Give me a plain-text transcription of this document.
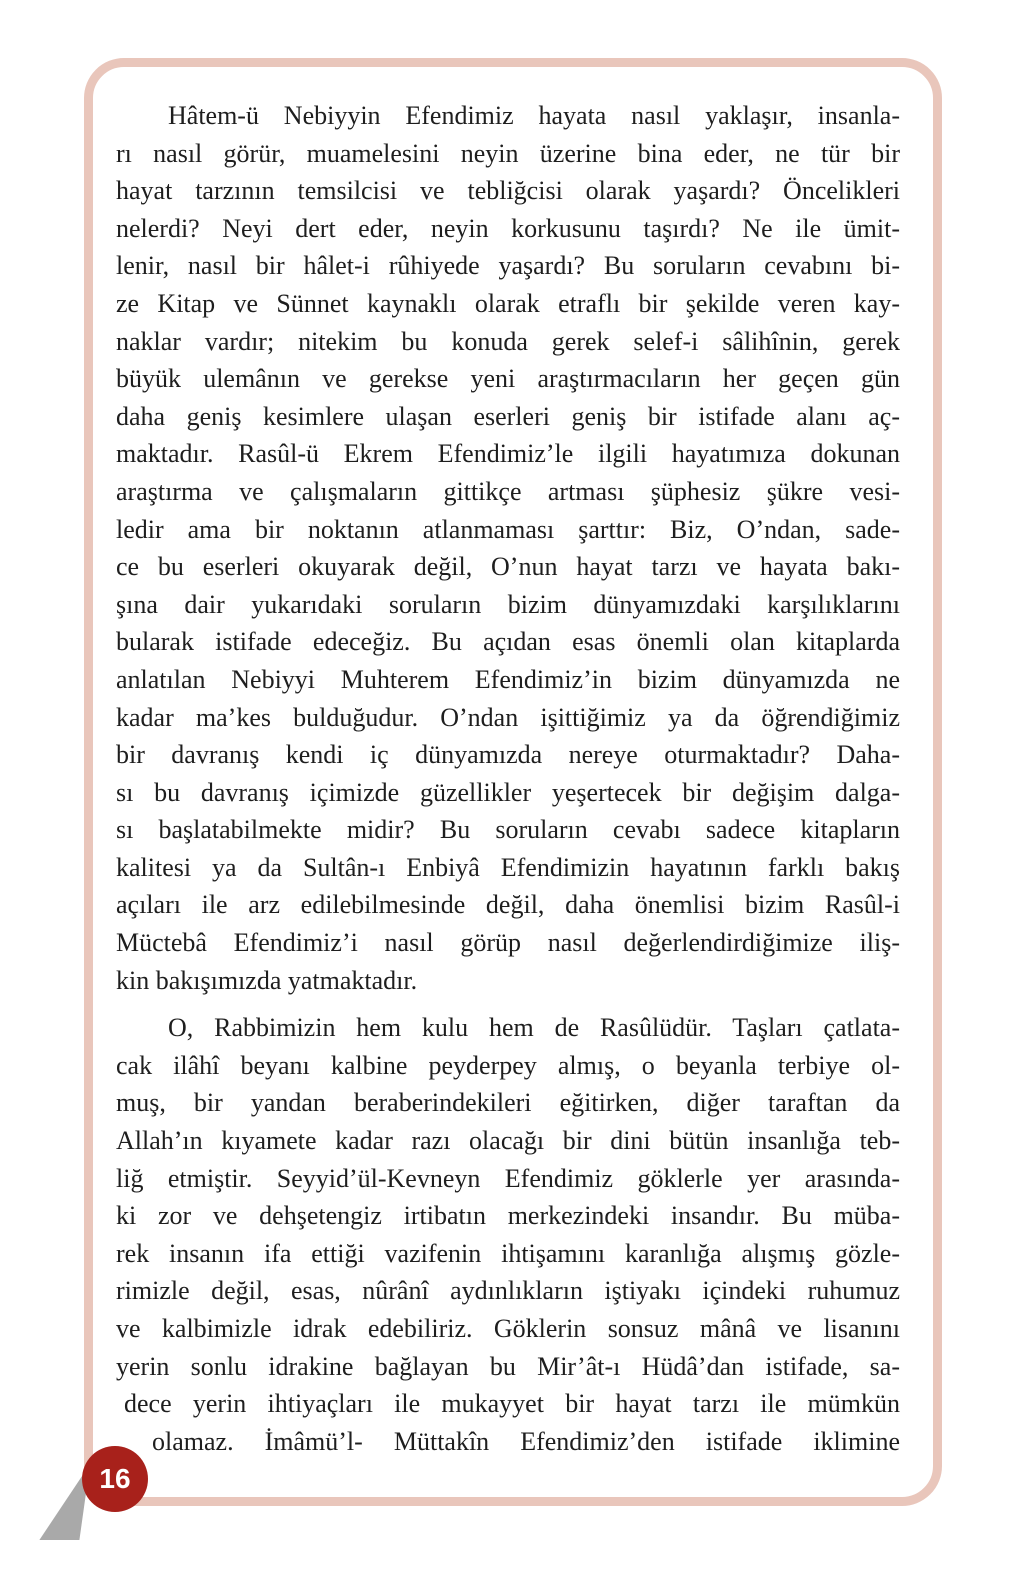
Hâtem-ü Nebiyyin Efendimiz hayata nasıl yaklaşır, insanla-
rı nasıl görür, muamelesini neyin üzerine bina eder, ne tür bir
hayat tarzının temsilcisi ve tebliğcisi olarak yaşardı? Öncelikleri
nelerdi? Neyi dert eder, neyin korkusunu taşırdı? Ne ile ümit-
lenir, nasıl bir hâlet-i rûhiyede yaşardı? Bu soruların cevabını bi-
ze Kitap ve Sünnet kaynaklı olarak etraflı bir şekilde veren kay-
naklar vardır; nitekim bu konuda gerek selef-i sâlihînin, gerek
büyük ulemânın ve gerekse yeni araştırmacıların her geçen gün
daha geniş kesimlere ulaşan eserleri geniş bir istifade alanı aç-
maktadır. Rasûl-ü Ekrem Efendimiz’le ilgili hayatımıza dokunan
araştırma ve çalışmaların gittikçe artması şüphesiz şükre vesi-
ledir ama bir noktanın atlanmaması şarttır: Biz, O’ndan, sade-
ce bu eserleri okuyarak değil, O’nun hayat tarzı ve hayata bakı-
şına dair yukarıdaki soruların bizim dünyamızdaki karşılıklarını
bularak istifade edeceğiz. Bu açıdan esas önemli olan kitaplarda
anlatılan Nebiyyi Muhterem Efendimiz’in bizim dünyamızda ne
kadar ma’kes bulduğudur. O’ndan işittiğimiz ya da öğrendiğimiz
bir davranış kendi iç dünyamızda nereye oturmaktadır? Daha-
sı bu davranış içimizde güzellikler yeşertecek bir değişim dalga-
sı başlatabilmekte midir? Bu soruların cevabı sadece kitapların
kalitesi ya da Sultân-ı Enbiyâ Efendimizin hayatının farklı bakış
açıları ile arz edilebilmesinde değil, daha önemlisi bizim Rasûl-i
Müctebâ Efendimiz’i nasıl görüp nasıl değerlendirdiğimize iliş-
kin bakışımızda yatmaktadır.
O, Rabbimizin hem kulu hem de Rasûlüdür. Taşları çatlata-
cak ilâhî beyanı kalbine peyderpey almış, o beyanla terbiye ol-
muş, bir yandan beraberindekileri eğitirken, diğer taraftan da
Allah’ın kıyamete kadar razı olacağı bir dini bütün insanlığa teb-
liğ etmiştir. Seyyid’ül-Kevneyn Efendimiz göklerle yer arasında-
ki zor ve dehşetengiz irtibatın merkezindeki insandır. Bu müba-
rek insanın ifa ettiği vazifenin ihtişamını karanlığa alışmış gözle-
rimizle değil, esas, nûrânî aydınlıkların iştiyakı içindeki ruhumuz
ve kalbimizle idrak edebiliriz. Göklerin sonsuz mânâ ve lisanını
yerin sonlu idrakine bağlayan bu Mir’ât-ı Hüdâ’dan istifade, sa-
dece yerin ihtiyaçları ile mukayyet bir hayat tarzı ile mümkün
olamaz. İmâmü’l- Müttakîn Efendimiz’den istifade iklimine
16
